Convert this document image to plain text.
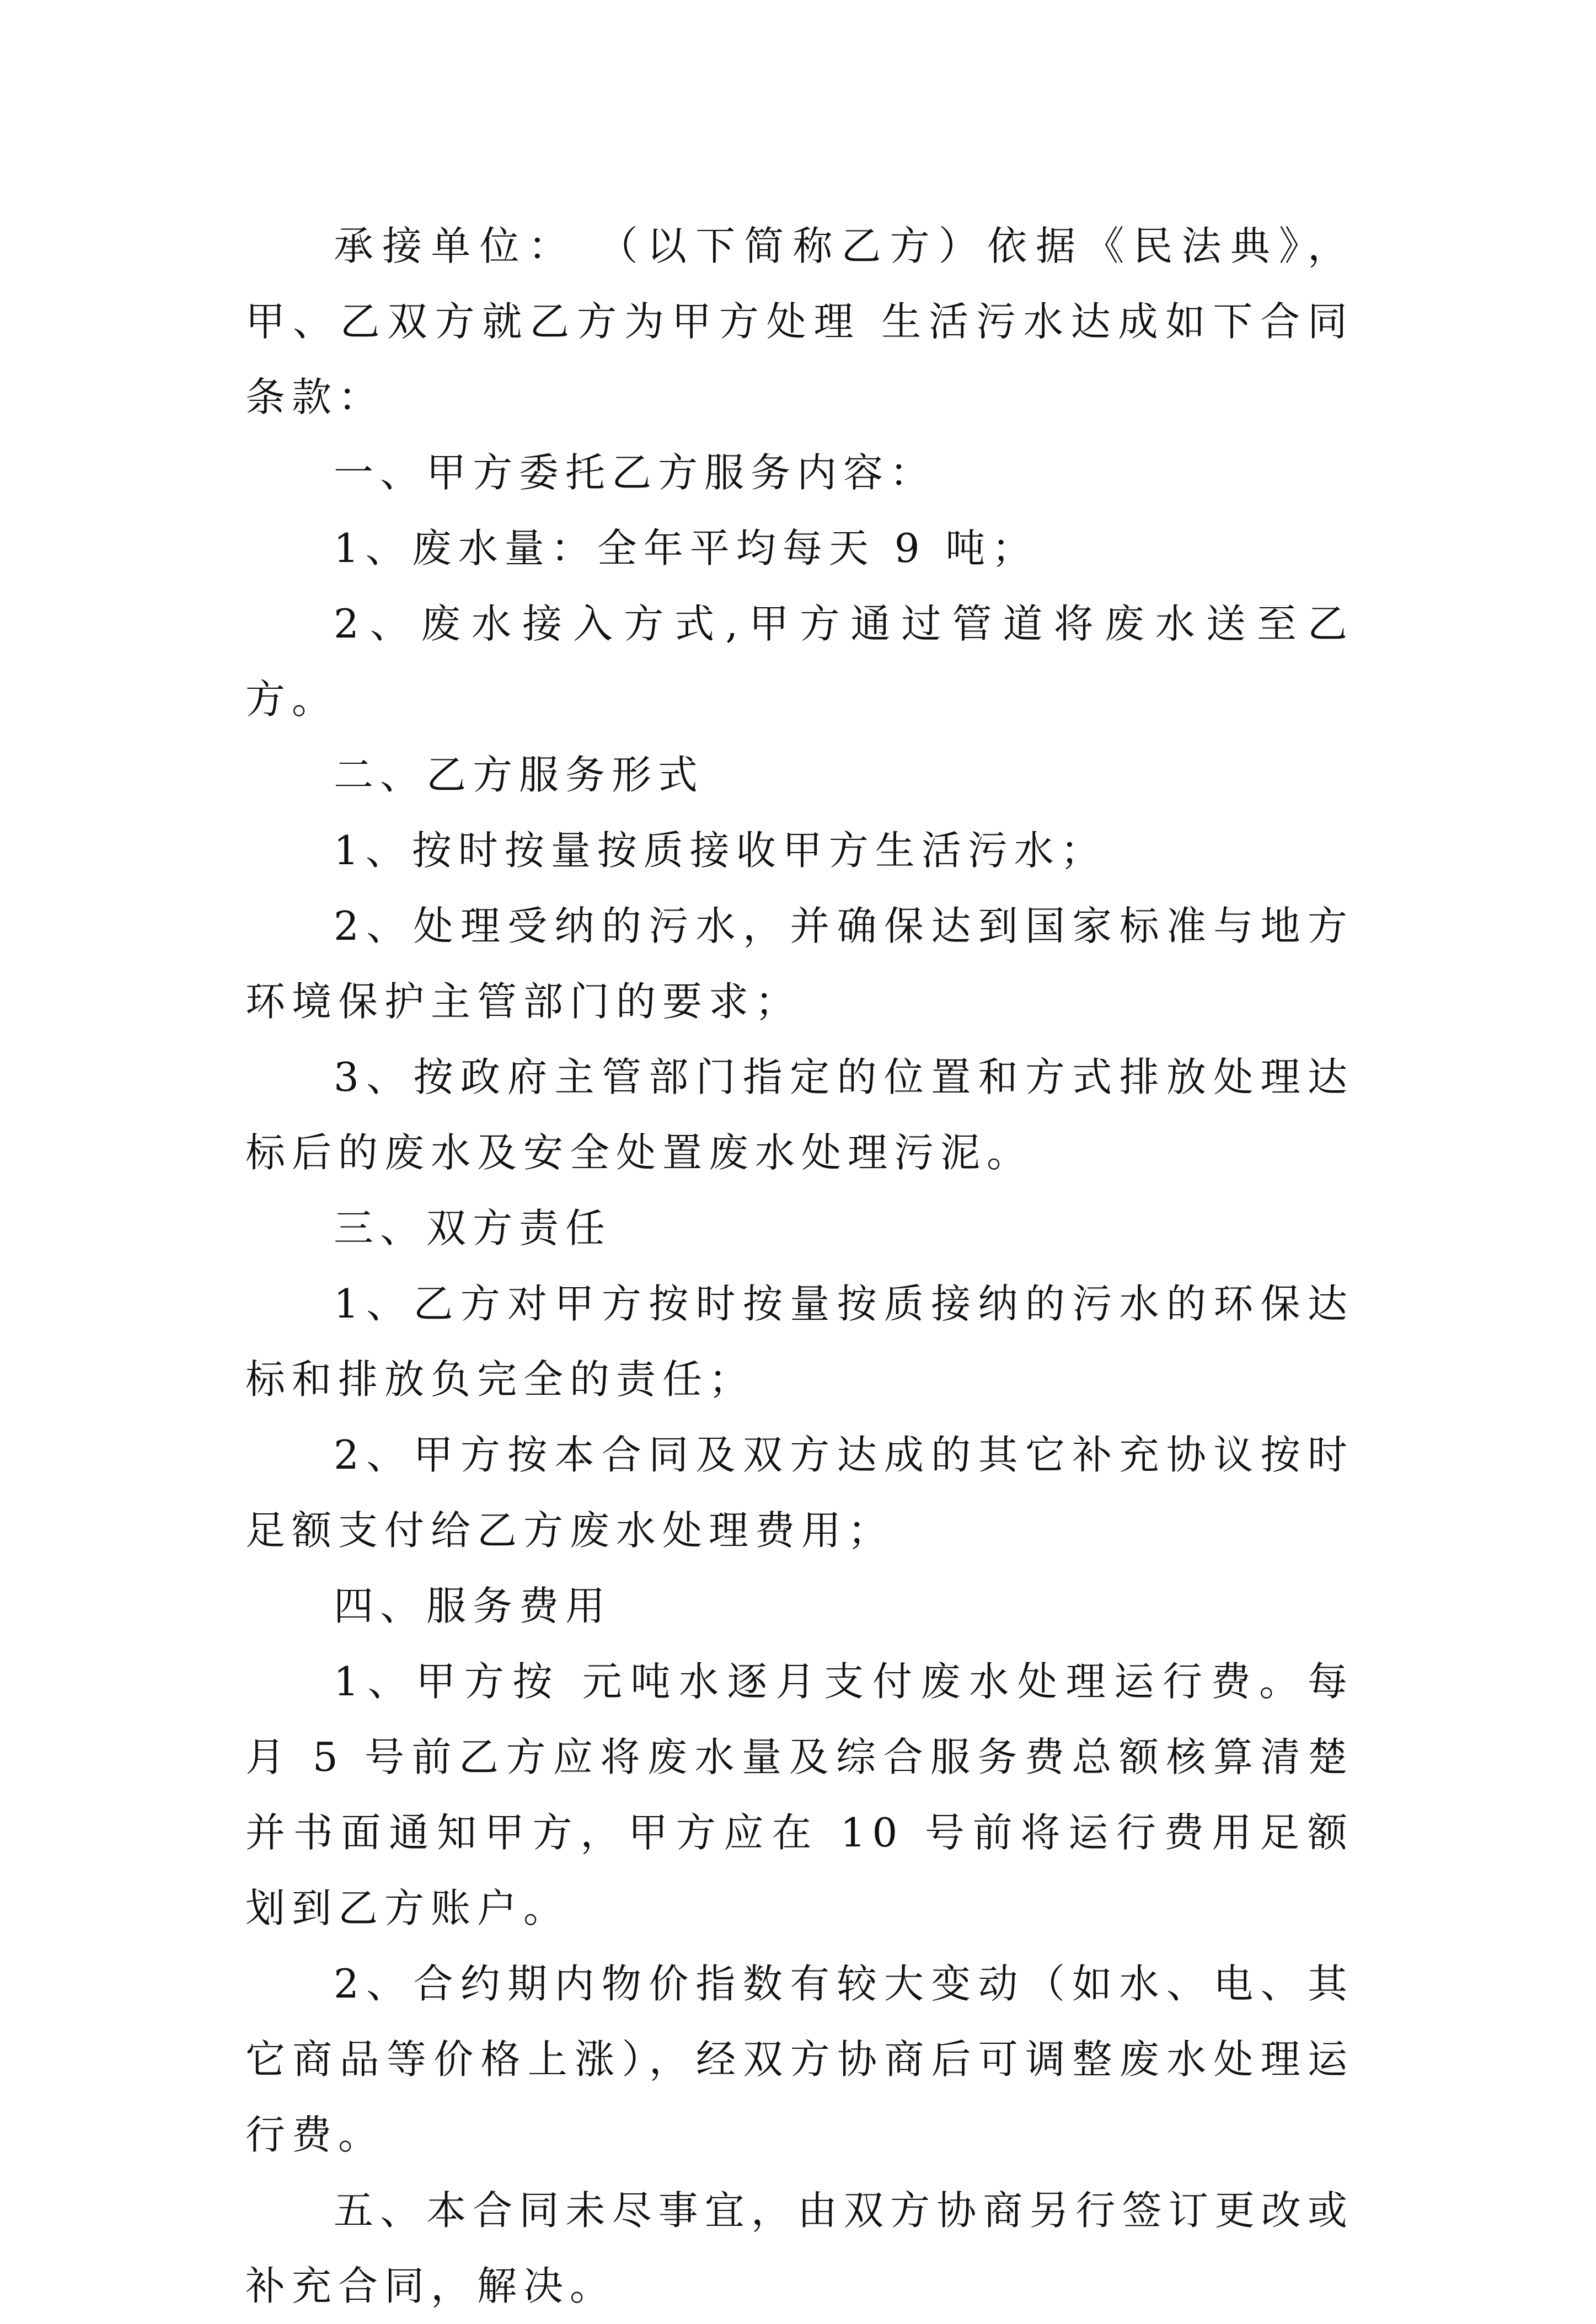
承接单位： （以下简称乙方）依据《民法典》，甲、乙双方就乙方为甲方处理 生活污水达成如下合同条款：

一、甲方委托乙方服务内容：

1、废水量：全年平均每天 9 吨；

2、废水接入方式,甲方通过管道将废水送至乙方。

二、乙方服务形式

1、按时按量按质接收甲方生活污水；

2、处理受纳的污水，并确保达到国家标准与地方环境保护主管部门的要求；

3、按政府主管部门指定的位置和方式排放处理达标后的废水及安全处置废水处理污泥。

三、双方责任

1、乙方对甲方按时按量按质接纳的污水的环保达标和排放负完全的责任；

2、甲方按本合同及双方达成的其它补充协议按时足额支付给乙方废水处理费用；

四、服务费用

1、甲方按 元吨水逐月支付废水处理运行费。每月 5 号前乙方应将废水量及综合服务费总额核算清楚并书面通知甲方，甲方应在 10 号前将运行费用足额划到乙方账户。

2、合约期内物价指数有较大变动（如水、电、其它商品等价格上涨），经双方协商后可调整废水处理运行费。

五、本合同未尽事宜，由双方协商另行签订更改或补充合同，解决。
